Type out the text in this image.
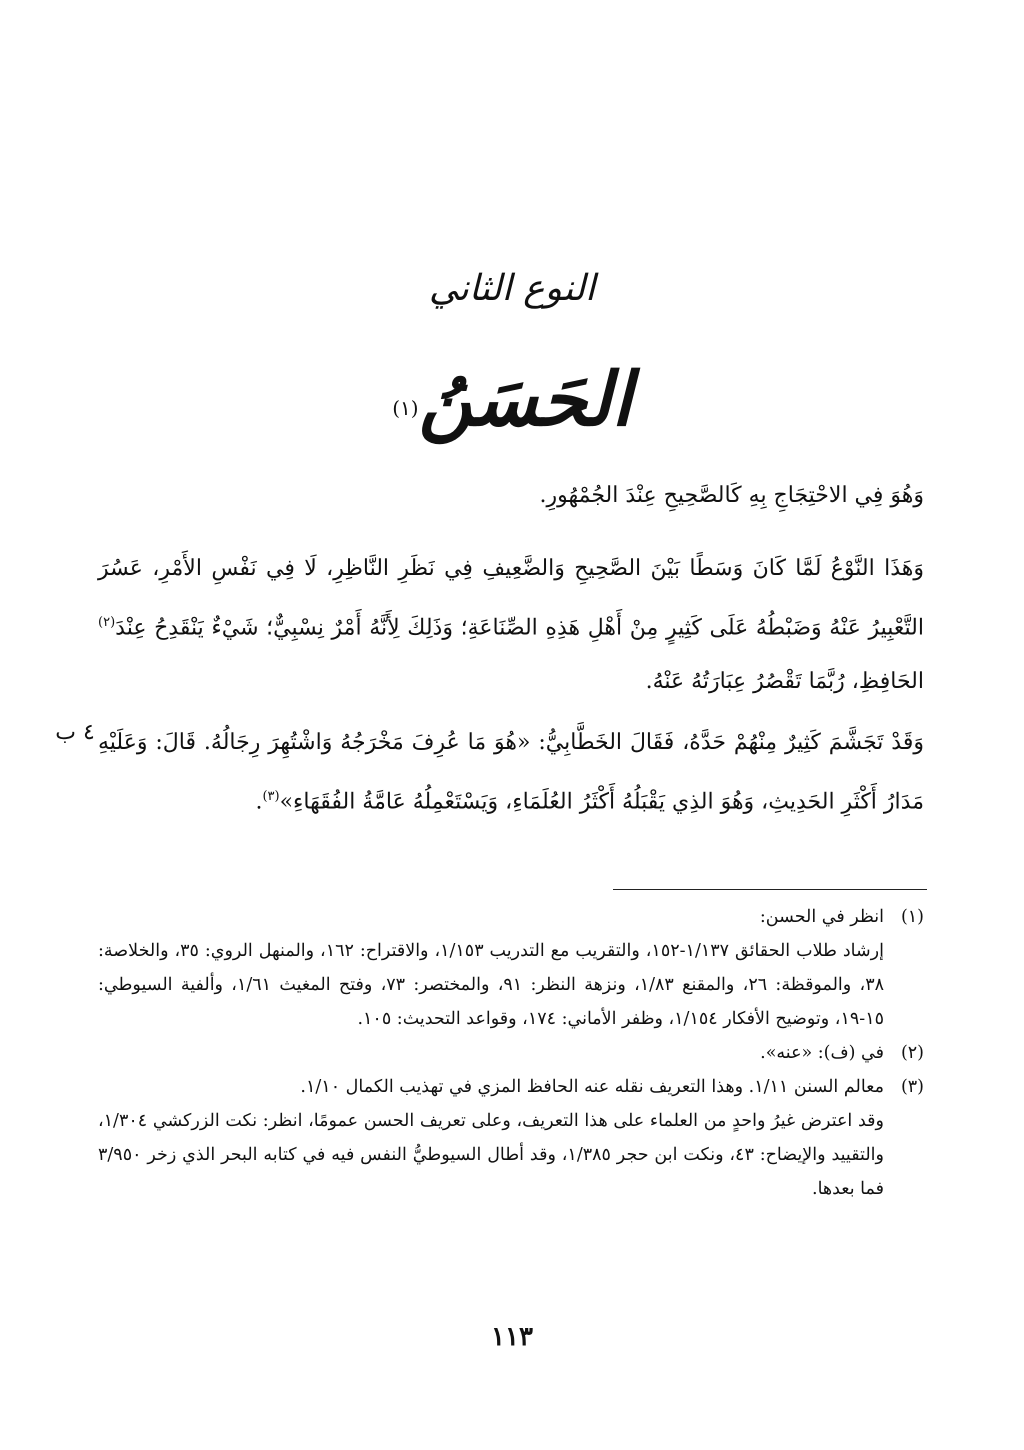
النوع الثاني
الحَسَنُ$^{(١)}$
وَهُوَ فِي الاحْتِجَاجِ بِهِ كَالصَّحِيحِ عِنْدَ الجُمْهُورِ.
وَهَذَا النَّوْعُ لَمَّا كَانَ وَسَطًا بَيْنَ الصَّحِيحِ وَالضَّعِيفِ فِي نَظَرِ النَّاظِرِ، لَا فِي نَفْسِ الأَمْرِ، عَسُرَ التَّعْبِيرُ عَنْهُ وَضَبْطُهُ عَلَى كَثِيرٍ مِنْ أَهْلِ هَذِهِ الصِّنَاعَةِ؛ وَذَلِكَ لِأَنَّهُ أَمْرٌ نِسْبِيٌّ؛ شَيْءٌ يَنْقَدِحُ عِنْدَ$^{(٢)}$ الحَافِظِ، رُبَّمَا تَقْصُرُ عِبَارَتُهُ عَنْهُ.
٤ ب وَقَدْ تَجَشَّمَ كَثِيرٌ مِنْهُمْ حَدَّهُ، فَقَالَ الخَطَّابِيُّ: «هُوَ مَا عُرِفَ مَخْرَجُهُ وَاشْتُهِرَ رِجَالُهُ. قَالَ: وَعَلَيْهِ مَدَارُ أَكْثَرِ الحَدِيثِ، وَهُوَ الذِي يَقْبَلُهُ أَكْثَرُ العُلَمَاءِ، وَيَسْتَعْمِلُهُ عَامَّةُ الفُقَهَاءِ»$^{(٣)}$.
(١)
انظر في الحسن:
إرشاد طلاب الحقائق ١/١٣٧-١٥٢، والتقريب مع التدريب ١/١٥٣، والاقتراح: ١٦٢، والمنهل الروي: ٣٥، والخلاصة: ٣٨، والموقظة: ٢٦، والمقنع ١/٨٣، ونزهة النظر: ٩١، والمختصر: ٧٣، وفتح المغيث ١/٦١، وألفية السيوطي: ١٥-١٩، وتوضيح الأفكار ١/١٥٤، وظفر الأماني: ١٧٤، وقواعد التحديث: ١٠٥.
(٢)
في (ف): «عنه».
(٣)
معالم السنن ١/١١. وهذا التعريف نقله عنه الحافظ المزي في تهذيب الكمال ١/١٠.
وقد اعترض غيرُ واحدٍ من العلماء على هذا التعريف، وعلى تعريف الحسن عمومًا، انظر: نكت الزركشي ١/٣٠٤، والتقييد والإيضاح: ٤٣، ونكت ابن حجر ١/٣٨٥، وقد أطال السيوطيُّ النفس فيه في كتابه البحر الذي زخر ٣/٩٥٠ فما بعدها.
١١٣
